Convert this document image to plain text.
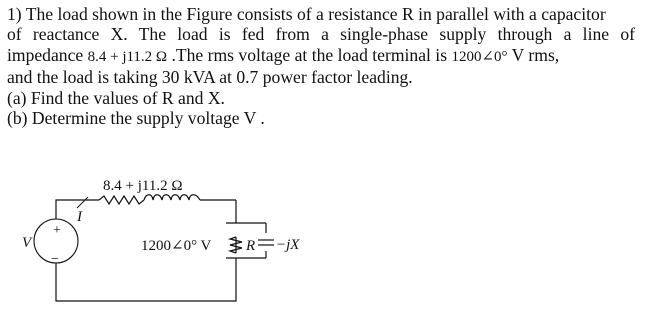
1) The load shown in the Figure consists of a resistance R in parallel with a capacitor
of reactance X. The load is fed from a single-phase supply through a line of
impedance 8.4 + j11.2 Ω .The rms voltage at the load terminal is 1200∠0° V rms,
and the load is taking 30 kVA at 0.7 power factor leading.
(a) Find the values of R and X.
(b) Determine the supply voltage V .
+
−
V
8.4 + j11.2 Ω
I
R −jX
1200∠0° V
